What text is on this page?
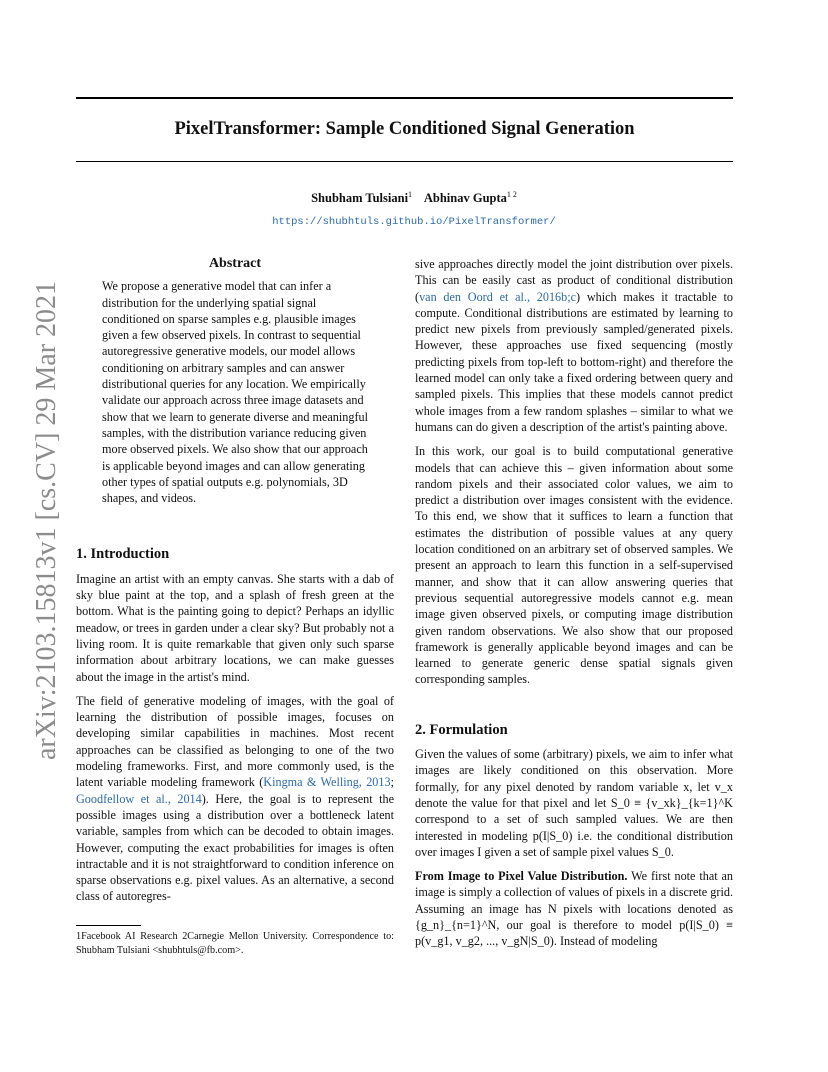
PixelTransformer: Sample Conditioned Signal Generation
Shubham Tulsiani$^1$ Abhinav Gupta$^{1 2}$
https://shubhtuls.github.io/PixelTransformer/
arXiv:2103.15813v1 [cs.CV] 29 Mar 2021
Abstract

We propose a generative model that can infer a distribution for the underlying spatial signal conditioned on sparse samples e.g. plausible images given a few observed pixels. In contrast to sequential autoregressive generative models, our model allows conditioning on arbitrary samples and can answer distributional queries for any location. We empirically validate our approach across three image datasets and show that we learn to generate diverse and meaningful samples, with the distribution variance reducing given more observed pixels. We also show that our approach is applicable beyond images and can allow generating other types of spatial outputs e.g. polynomials, 3D shapes, and videos.

1. Introduction

Imagine an artist with an empty canvas. She starts with a dab of sky blue paint at the top, and a splash of fresh green at the bottom. What is the painting going to depict? Perhaps an idyllic meadow, or trees in garden under a clear sky? But probably not a living room. It is quite remarkable that given only such sparse information about arbitrary locations, we can make guesses about the image in the artist's mind.

The field of generative modeling of images, with the goal of learning the distribution of possible images, focuses on developing similar capabilities in machines. Most recent approaches can be classified as belonging to one of the two modeling frameworks. First, and more commonly used, is the latent variable modeling framework (Kingma & Welling, 2013; Goodfellow et al., 2014). Here, the goal is to represent the possible images using a distribution over a bottleneck latent variable, samples from which can be decoded to obtain images. However, computing the exact probabilities for images is often intractable and it is not straightforward to condition inference on sparse observations e.g. pixel values. As an alternative, a second class of autoregres-

1Facebook AI Research 2Carnegie Mellon University. Correspondence to: Shubham Tulsiani <shubhtuls@fb.com>.

sive approaches directly model the joint distribution over pixels. This can be easily cast as product of conditional distribution (van den Oord et al., 2016b;c) which makes it tractable to compute. Conditional distributions are estimated by learning to predict new pixels from previously sampled/generated pixels. However, these approaches use fixed sequencing (mostly predicting pixels from top-left to bottom-right) and therefore the learned model can only take a fixed ordering between query and sampled pixels. This implies that these models cannot predict whole images from a few random splashes – similar to what we humans can do given a description of the artist's painting above.

In this work, our goal is to build computational generative models that can achieve this – given information about some random pixels and their associated color values, we aim to predict a distribution over images consistent with the evidence. To this end, we show that it suffices to learn a function that estimates the distribution of possible values at any query location conditioned on an arbitrary set of observed samples. We present an approach to learn this function in a self-supervised manner, and show that it can allow answering queries that previous sequential autoregressive models cannot e.g. mean image given observed pixels, or computing image distribution given random observations. We also show that our proposed framework is generally applicable beyond images and can be learned to generate generic dense spatial signals given corresponding samples.

2. Formulation

Given the values of some (arbitrary) pixels, we aim to infer what images are likely conditioned on this observation. More formally, for any pixel denoted by random variable x, let v_x denote the value for that pixel and let S_0 ≡ {v_xk}_{k=1}^K correspond to a set of such sampled values. We are then interested in modeling p(I|S_0) i.e. the conditional distribution over images I given a set of sample pixel values S_0.

From Image to Pixel Value Distribution. We first note that an image is simply a collection of values of pixels in a discrete grid. Assuming an image has N pixels with locations denoted as {g_n}_{n=1}^N, our goal is therefore to model p(I|S_0) ≡ p(v_g1, v_g2, ..., v_gN|S_0). Instead of modeling
